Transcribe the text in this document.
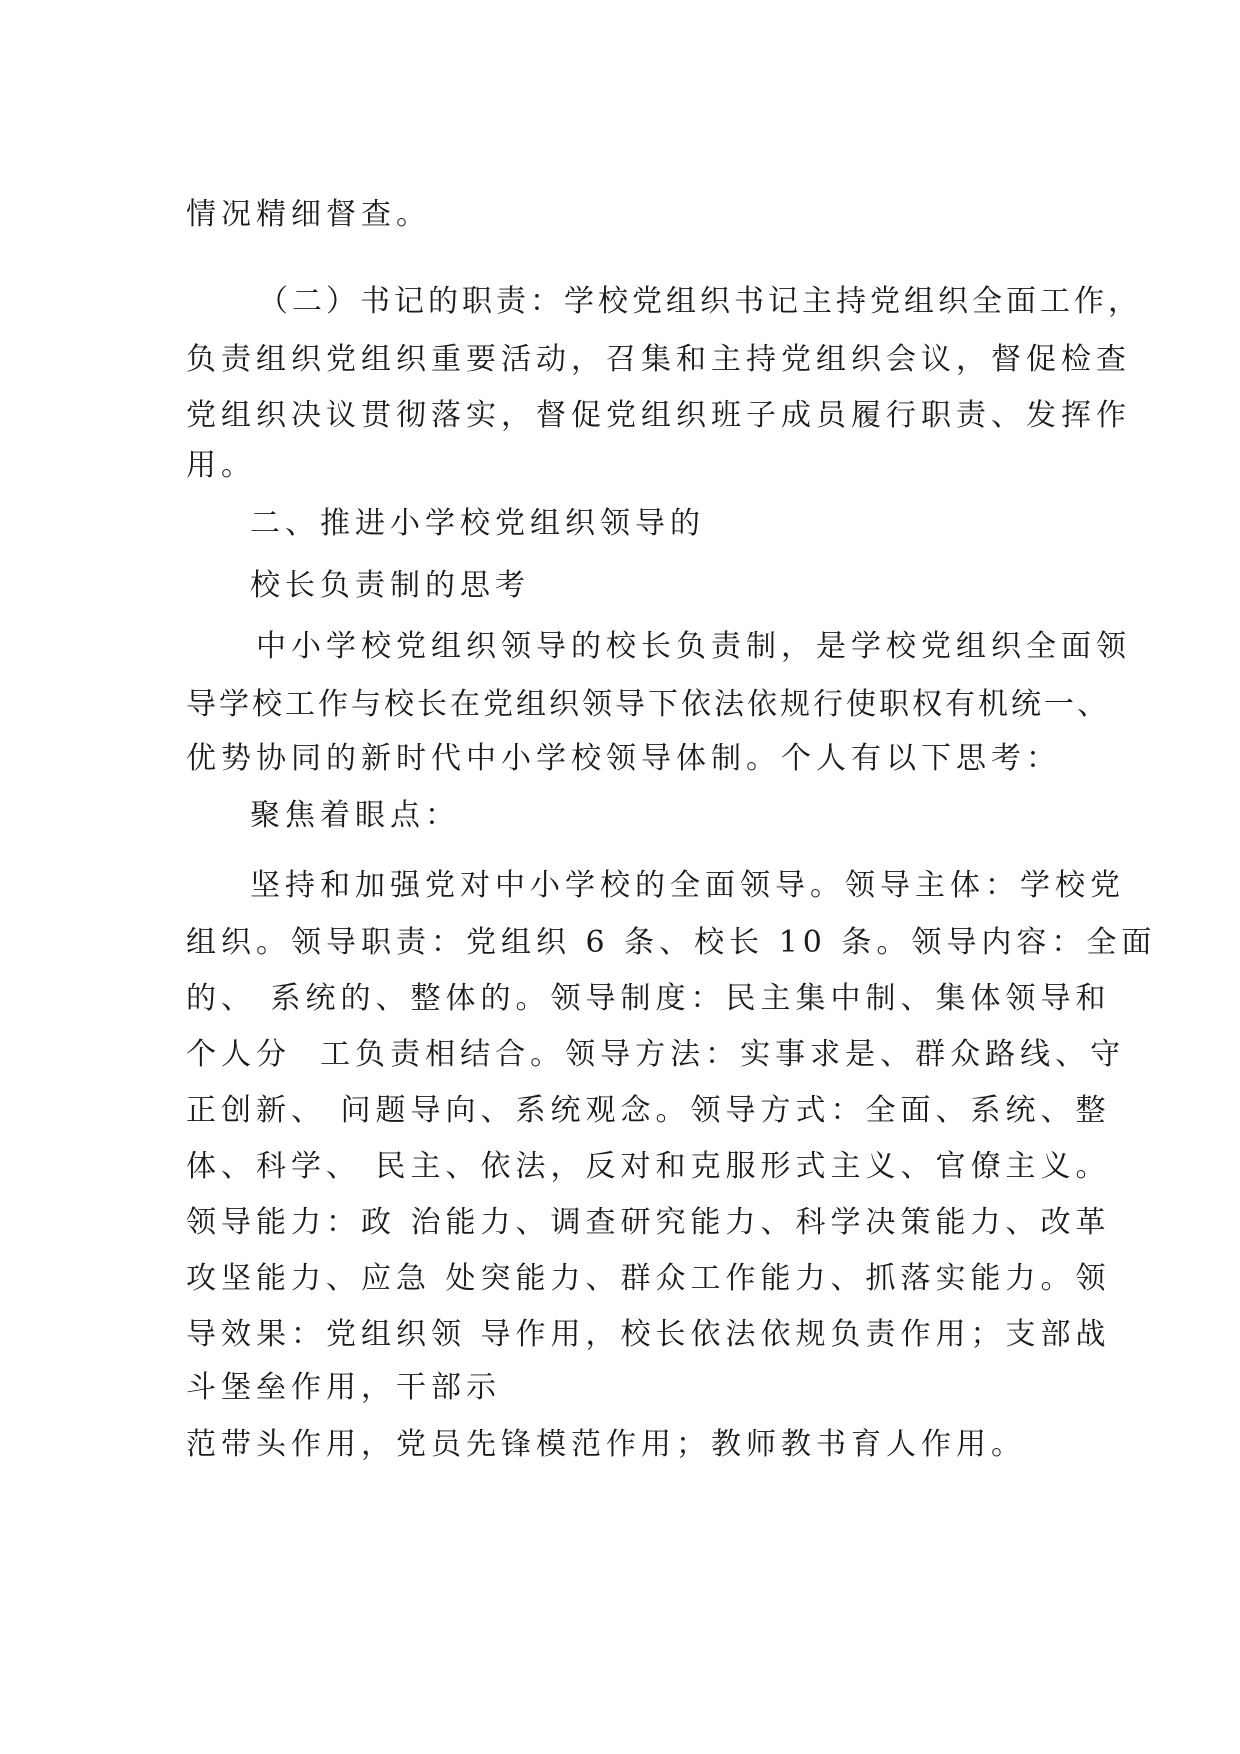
情况精细督查。
（二）书记的职责：学校党组织书记主持党组织全面工作，
负责组织党组织重要活动，召集和主持党组织会议，督促检查
党组织决议贯彻落实，督促党组织班子成员履行职责、发挥作
用。
二、推进小学校党组织领导的
校长负责制的思考
中小学校党组织领导的校长负责制，是学校党组织全面领
导学校工作与校长在党组织领导下依法依规行使职权有机统一、
优势协同的新时代中小学校领导体制。个人有以下思考：
聚焦着眼点：
坚持和加强党对中小学校的全面领导。领导主体：学校党
组织。领导职责：党组织 6 条、校长 10 条。领导内容：全面
的、 系统的、整体的。领导制度：民主集中制、集体领导和
个人分  工负责相结合。领导方法：实事求是、群众路线、守
正创新、 问题导向、系统观念。领导方式：全面、系统、整
体、科学、 民主、依法，反对和克服形式主义、官僚主义。
领导能力：政 治能力、调查研究能力、科学决策能力、改革
攻坚能力、应急 处突能力、群众工作能力、抓落实能力。领
导效果：党组织领 导作用，校长依法依规负责作用；支部战
斗堡垒作用，干部示
范带头作用，党员先锋模范作用；教师教书育人作用。
